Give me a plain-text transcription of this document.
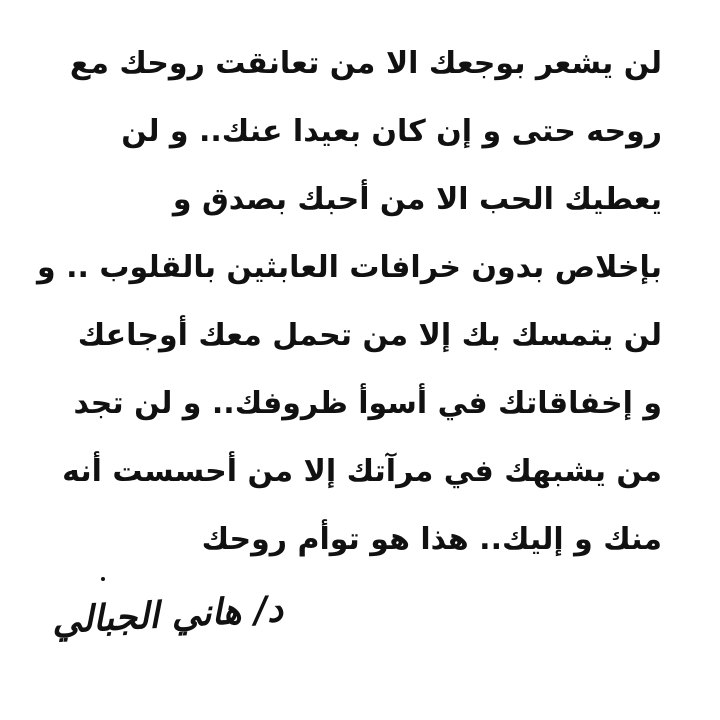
لن يشعر بوجعك الا من تعانقت روحك مع
روحه حتى و إن كان بعيدا عنك.. و لن
يعطيك الحب الا من أحبك بصدق و
بإخلاص بدون خرافات العابثين بالقلوب .. و
لن يتمسك بك إلا من تحمل معك أوجاعك
و إخفاقاتك في أسوأ ظروفك.. و لن تجد
من يشبهك في مرآتك إلا من أحسست أنه
منك و إليك.. هذا هو توأم روحك
د/ هاني الجبالي
